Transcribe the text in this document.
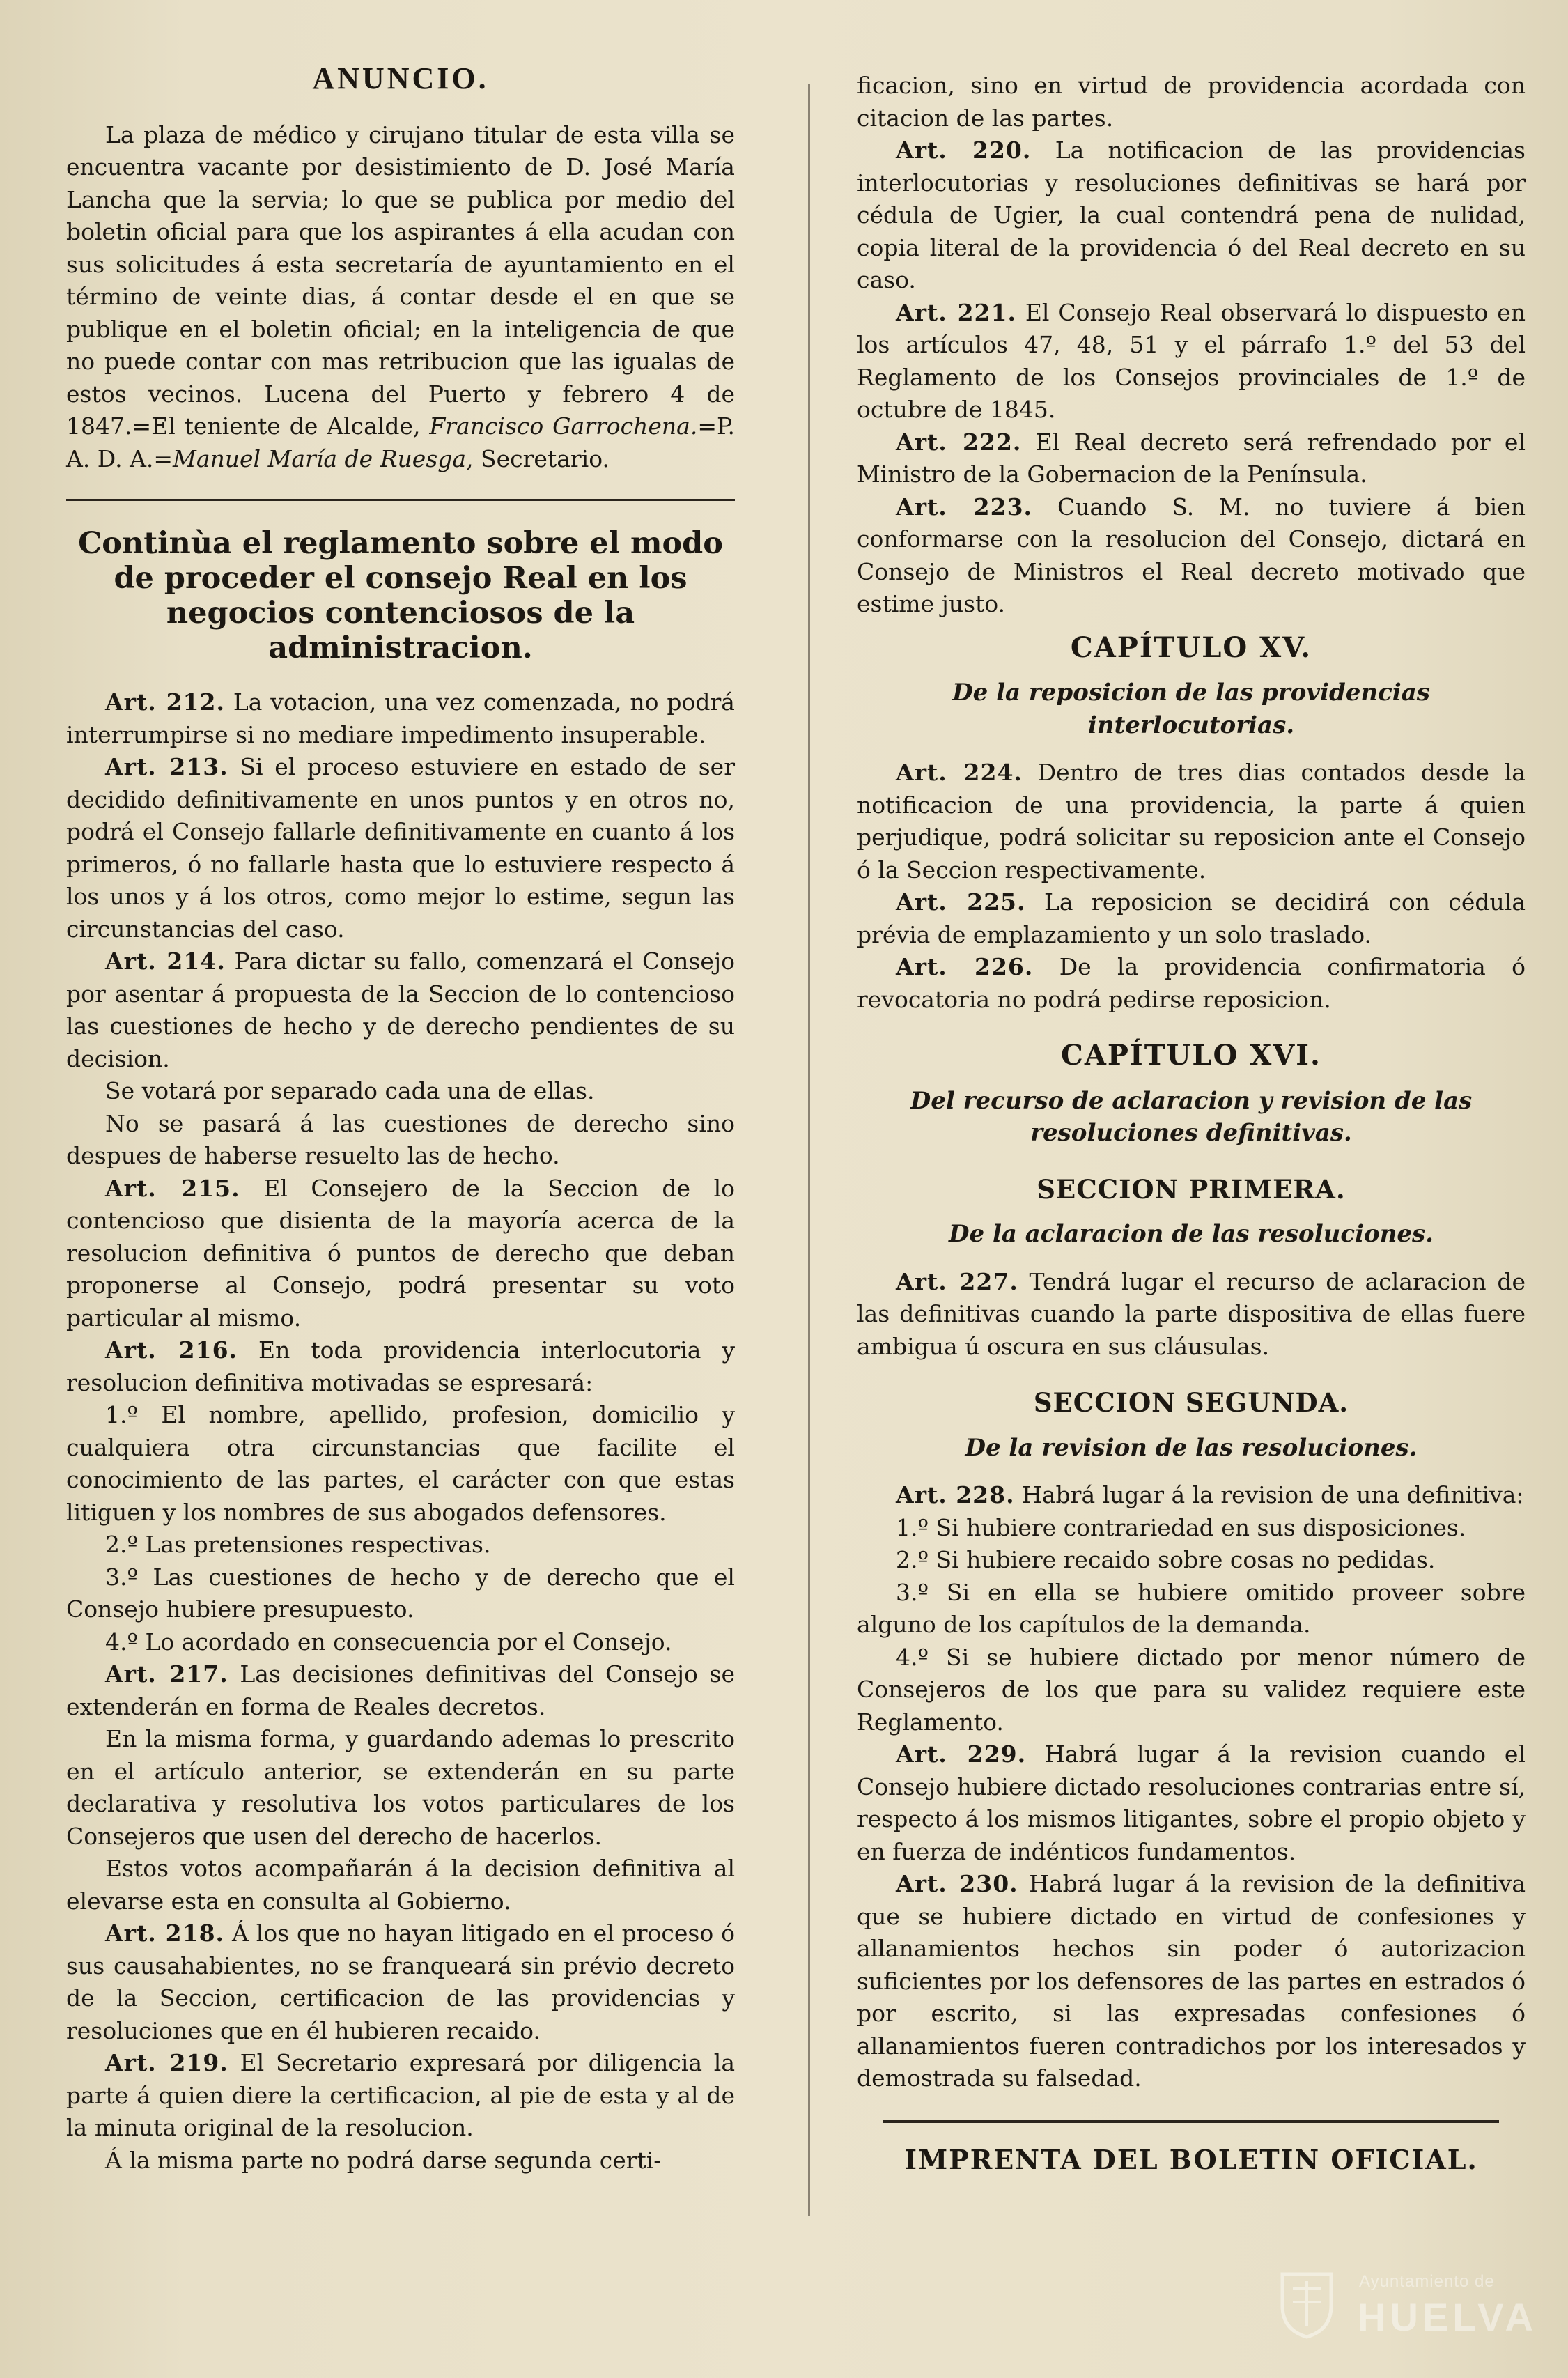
ANUNCIO.

La plaza de médico y cirujano titular de esta villa se encuentra vacante por desistimiento de D. José María Lancha que la servia; lo que se publica por medio del boletin oficial para que los aspirantes á ella acudan con sus solicitudes á esta secretaría de ayuntamiento en el término de veinte dias, á contar desde el en que se publique en el boletin oficial; en la inteligencia de que no puede contar con mas retribucion que las igualas de estos vecinos. Lucena del Puerto y febrero 4 de 1847.=El teniente de Alcalde, Francisco Garrochena.=P. A. D. A.=Manuel María de Ruesga, Secretario.

Continùa el reglamento sobre el modo de proceder el consejo Real en los negocios contenciosos de la administracion.

Art. 212. La votacion, una vez comenzada, no podrá interrumpirse si no mediare impedimento insuperable.

Art. 213. Si el proceso estuviere en estado de ser decidido definitivamente en unos puntos y en otros no, podrá el Consejo fallarle definitivamente en cuanto á los primeros, ó no fallarle hasta que lo estuviere respecto á los unos y á los otros, como mejor lo estime, segun las circunstancias del caso.

Art. 214. Para dictar su fallo, comenzará el Consejo por asentar á propuesta de la Seccion de lo contencioso las cuestiones de hecho y de derecho pendientes de su decision.

Se votará por separado cada una de ellas.

No se pasará á las cuestiones de derecho sino despues de haberse resuelto las de hecho.

Art. 215. El Consejero de la Seccion de lo contencioso que disienta de la mayoría acerca de la resolucion definitiva ó puntos de derecho que deban proponerse al Consejo, podrá presentar su voto particular al mismo.

Art. 216. En toda providencia interlocutoria y resolucion definitiva motivadas se espresará:

1.º El nombre, apellido, profesion, domicilio y cualquiera otra circunstancias que facilite el conocimiento de las partes, el carácter con que estas litiguen y los nombres de sus abogados defensores.

2.º Las pretensiones respectivas.

3.º Las cuestiones de hecho y de derecho que el Consejo hubiere presupuesto.

4.º Lo acordado en consecuencia por el Consejo.

Art. 217. Las decisiones definitivas del Consejo se extenderán en forma de Reales decretos.

En la misma forma, y guardando ademas lo prescrito en el artículo anterior, se extenderán en su parte declarativa y resolutiva los votos particulares de los Consejeros que usen del derecho de hacerlos.

Estos votos acompañarán á la decision definitiva al elevarse esta en consulta al Gobierno.

Art. 218. Á los que no hayan litigado en el proceso ó sus causahabientes, no se franqueará sin prévio decreto de la Seccion, certificacion de las providencias y resoluciones que en él hubieren recaido.

Art. 219. El Secretario expresará por diligencia la parte á quien diere la certificacion, al pie de esta y al de la minuta original de la resolucion.

Á la misma parte no podrá darse segunda certi-

ficacion, sino en virtud de providencia acordada con citacion de las partes.

Art. 220. La notificacion de las providencias interlocutorias y resoluciones definitivas se hará por cédula de Ugier, la cual contendrá pena de nulidad, copia literal de la providencia ó del Real decreto en su caso.

Art. 221. El Consejo Real observará lo dispuesto en los artículos 47, 48, 51 y el párrafo 1.º del 53 del Reglamento de los Consejos provinciales de 1.º de octubre de 1845.

Art. 222. El Real decreto será refrendado por el Ministro de la Gobernacion de la Península.

Art. 223. Cuando S. M. no tuviere á bien conformarse con la resolucion del Consejo, dictará en Consejo de Ministros el Real decreto motivado que estime justo.

CAPÍTULO XV.
De la reposicion de las providencias interlocutorias.

Art. 224. Dentro de tres dias contados desde la notificacion de una providencia, la parte á quien perjudique, podrá solicitar su reposicion ante el Consejo ó la Seccion respectivamente.

Art. 225. La reposicion se decidirá con cédula prévia de emplazamiento y un solo traslado.

Art. 226. De la providencia confirmatoria ó revocatoria no podrá pedirse reposicion.

CAPÍTULO XVI.
Del recurso de aclaracion y revision de las resoluciones definitivas.
SECCION PRIMERA.
De la aclaracion de las resoluciones.

Art. 227. Tendrá lugar el recurso de aclaracion de las definitivas cuando la parte dispositiva de ellas fuere ambigua ú oscura en sus cláusulas.

SECCION SEGUNDA.
De la revision de las resoluciones.

Art. 228. Habrá lugar á la revision de una definitiva:

1.º Si hubiere contrariedad en sus disposiciones.

2.º Si hubiere recaido sobre cosas no pedidas.

3.º Si en ella se hubiere omitido proveer sobre alguno de los capítulos de la demanda.

4.º Si se hubiere dictado por menor número de Consejeros de los que para su validez requiere este Reglamento.

Art. 229. Habrá lugar á la revision cuando el Consejo hubiere dictado resoluciones contrarias entre sí, respecto á los mismos litigantes, sobre el propio objeto y en fuerza de indénticos fundamentos.

Art. 230. Habrá lugar á la revision de la definitiva que se hubiere dictado en virtud de confesiones y allanamientos hechos sin poder ó autorizacion suficientes por los defensores de las partes en estrados ó por escrito, si las expresadas confesiones ó allanamientos fueren contradichos por los interesados y demostrada su falsedad.

IMPRENTA DEL BOLETIN OFICIAL.
Ayuntamiento de
HUELVA
